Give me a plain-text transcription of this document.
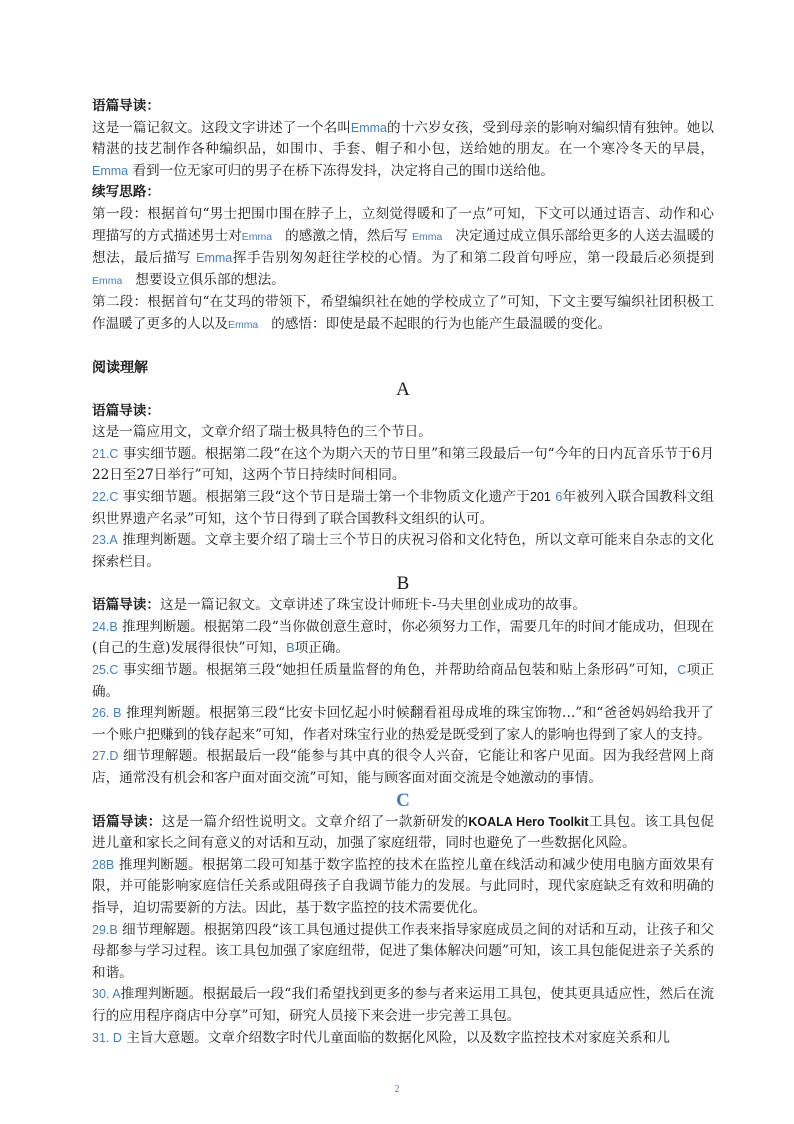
语篇导读：

这是一篇记叙文。这段文字讲述了一个名叫Emma的十六岁女孩，受到母亲的影响对编织情有独钟。她以精湛的技艺制作各种编织品，如围巾、手套、帽子和小包，送给她的朋友。在一个寒冷冬天的早晨，Emma 看到一位无家可归的男子在桥下冻得发抖，决定将自己的围巾送给他。

续写思路：

第一段：根据首句“男士把围巾围在脖子上，立刻觉得暖和了一点”可知，下文可以通过语言、动作和心理描写的方式描述男士对Emma 的感激之情，然后写 Emma 决定通过成立俱乐部给更多的人送去温暖的想法，最后描写 Emma挥手告别匆匆赶往学校的心情。为了和第二段首句呼应，第一段最后必须提到Emma 想要设立俱乐部的想法。

第二段：根据首句“在艾玛的带领下，希望编织社在她的学校成立了”可知，下文主要写编织社团积极工作温暖了更多的人以及Emma 的感悟：即使是最不起眼的行为也能产生最温暖的变化。

阅读理解

A

语篇导读：

这是一篇应用文，文章介绍了瑞士极具特色的三个节日。

21.C 事实细节题。根据第二段“在这个为期六天的节日里”和第三段最后一句“今年的日内瓦音乐节于6月22日至27日举行”可知，这两个节日持续时间相同。

22.C 事实细节题。根据第三段“这个节日是瑞士第一个非物质文化遗产于201 6年被列入联合国教科文组织世界遗产名录”可知，这个节日得到了联合国教科文组织的认可。

23.A 推理判断题。文章主要介绍了瑞士三个节日的庆祝习俗和文化特色，所以文章可能来自杂志的文化探索栏目。

B

语篇导读：这是一篇记叙文。文章讲述了珠宝设计师班卡-马夫里创业成功的故事。

24.B 推理判断题。根据第二段“当你做创意生意时，你必须努力工作，需要几年的时间才能成功，但现在(自己的生意)发展得很快”可知，B项正确。

25.C 事实细节题。根据第三段“她担任质量监督的角色，并帮助给商品包装和贴上条形码”可知，C项正确。

26. B 推理判断题。根据第三段“比安卡回忆起小时候翻看祖母成堆的珠宝饰物…”和“爸爸妈妈给我开了一个账户把赚到的钱存起来”可知，作者对珠宝行业的热爱是既受到了家人的影响也得到了家人的支持。

27.D 细节理解题。根据最后一段“能参与其中真的很令人兴奋，它能让和客户见面。因为我经营网上商店，通常没有机会和客户面对面交流”可知，能与顾客面对面交流是令她激动的事情。

C

语篇导读：这是一篇介绍性说明文。文章介绍了一款新研发的KOALA Hero Toolkit工具包。该工具包促进儿童和家长之间有意义的对话和互动，加强了家庭纽带，同时也避免了一些数据化风险。

28B 推理判断题。根据第二段可知基于数字监控的技术在监控儿童在线活动和减少使用电脑方面效果有限，并可能影响家庭信任关系或阻碍孩子自我调节能力的发展。与此同时，现代家庭缺乏有效和明确的指导，迫切需要新的方法。因此，基于数字监控的技术需要优化。

29.B 细节理解题。根据第四段“该工具包通过提供工作表来指导家庭成员之间的对话和互动，让孩子和父母都参与学习过程。该工具包加强了家庭纽带，促进了集体解决问题”可知，该工具包能促进亲子关系的和谐。

30. A推理判断题。根据最后一段“我们希望找到更多的参与者来运用工具包，使其更具适应性，然后在流行的应用程序商店中分享”可知，研究人员接下来会进一步完善工具包。

31. D 主旨大意题。文章介绍数字时代儿童面临的数据化风险，以及数字监控技术对家庭关系和儿

2
